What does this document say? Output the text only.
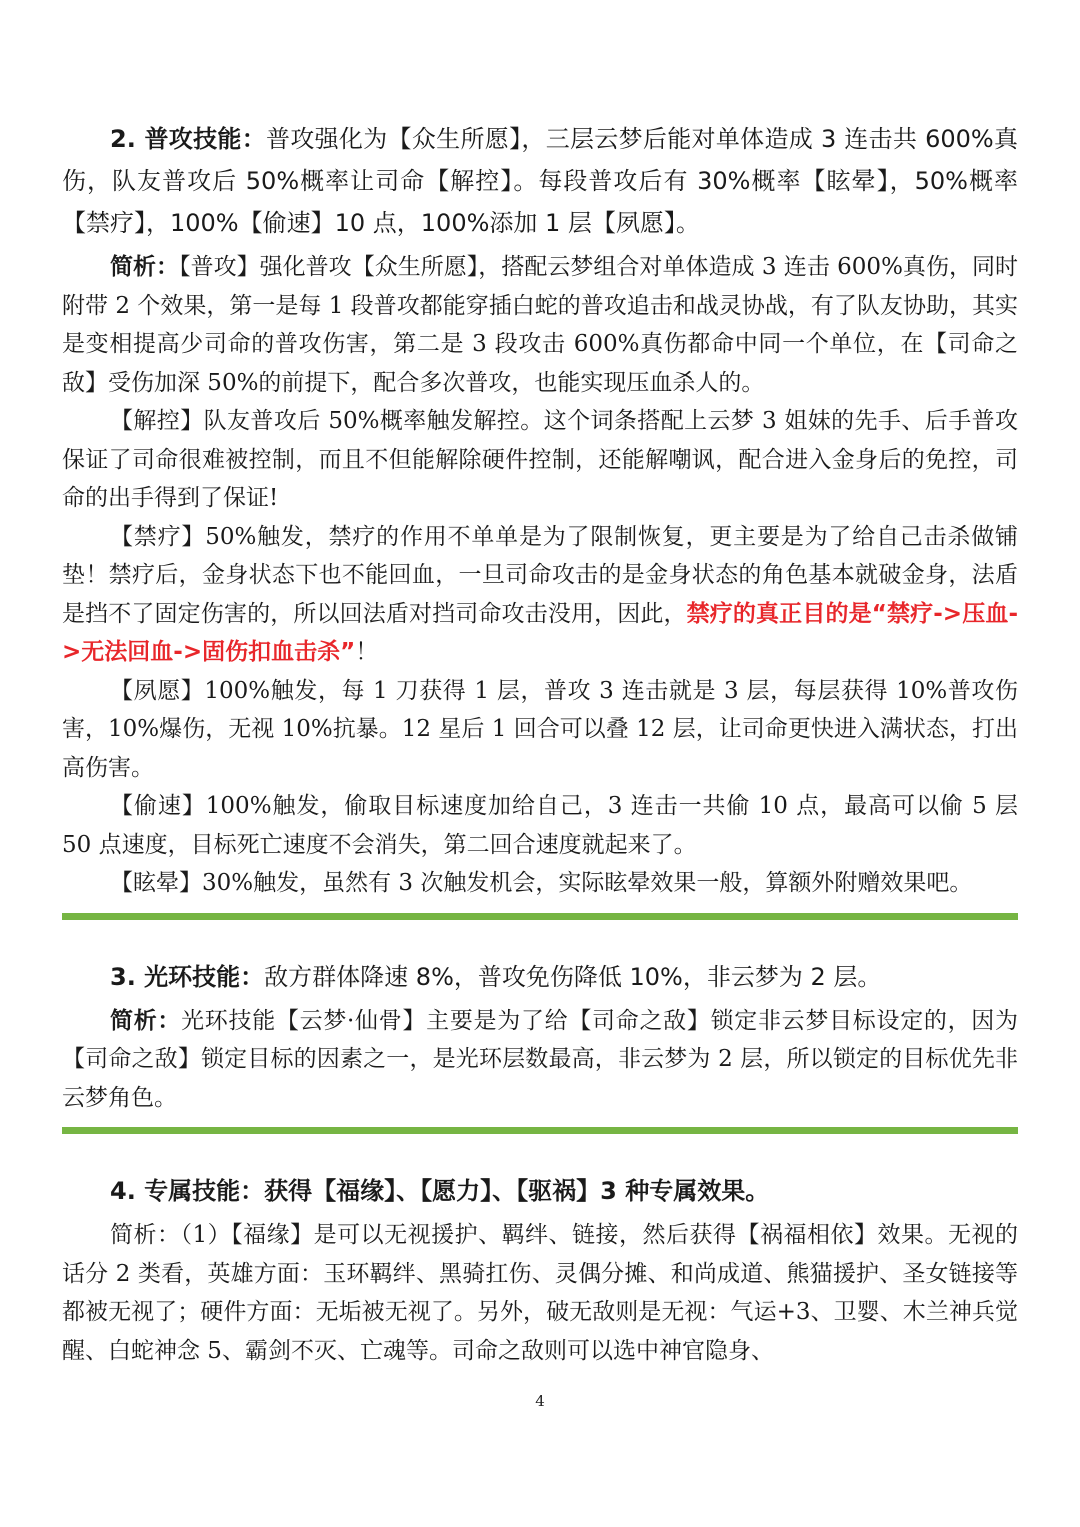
2. 普攻技能：普攻强化为【众生所愿】，三层云梦后能对单体造成 3 连击共 600%真伤，队友普攻后 50%概率让司命【解控】。每段普攻后有 30%概率【眩晕】，50%概率【禁疗】，100%【偷速】10 点，100%添加 1 层【夙愿】。

简析：【普攻】强化普攻【众生所愿】，搭配云梦组合对单体造成 3 连击 600%真伤，同时附带 2 个效果，第一是每 1 段普攻都能穿插白蛇的普攻追击和战灵协战，有了队友协助，其实是变相提高少司命的普攻伤害，第二是 3 段攻击 600%真伤都命中同一个单位，在【司命之敌】受伤加深 50%的前提下，配合多次普攻，也能实现压血杀人的。

【解控】队友普攻后 50%概率触发解控。这个词条搭配上云梦 3 姐妹的先手、后手普攻保证了司命很难被控制，而且不但能解除硬件控制，还能解嘲讽，配合进入金身后的免控，司命的出手得到了保证!

【禁疗】50%触发，禁疗的作用不单单是为了限制恢复，更主要是为了给自己击杀做铺垫！禁疗后，金身状态下也不能回血，一旦司命攻击的是金身状态的角色基本就破金身，法盾是挡不了固定伤害的，所以回法盾对挡司命攻击没用，因此，禁疗的真正目的是“禁疗->压血->无法回血->固伤扣血击杀”！

【夙愿】100%触发，每 1 刀获得 1 层，普攻 3 连击就是 3 层，每层获得 10%普攻伤害，10%爆伤，无视 10%抗暴。12 星后 1 回合可以叠 12 层，让司命更快进入满状态，打出高伤害。

【偷速】100%触发，偷取目标速度加给自己，3 连击一共偷 10 点，最高可以偷 5 层 50 点速度，目标死亡速度不会消失，第二回合速度就起来了。

【眩晕】30%触发，虽然有 3 次触发机会，实际眩晕效果一般，算额外附赠效果吧。

3. 光环技能：敌方群体降速 8%，普攻免伤降低 10%，非云梦为 2 层。

简析：光环技能【云梦·仙骨】主要是为了给【司命之敌】锁定非云梦目标设定的，因为【司命之敌】锁定目标的因素之一，是光环层数最高，非云梦为 2 层，所以锁定的目标优先非云梦角色。

4. 专属技能：获得【福缘】、【愿力】、【驱祸】3 种专属效果。

简析：（1）【福缘】是可以无视援护、羁绊、链接，然后获得【祸福相依】效果。无视的话分 2 类看，英雄方面：玉环羁绊、黑骑扛伤、灵偶分摊、和尚成道、熊猫援护、圣女链接等都被无视了；硬件方面：无垢被无视了。另外，破无敌则是无视：气运+3、卫婴、木兰神兵觉醒、白蛇神念 5、霸剑不灭、亡魂等。司命之敌则可以选中神官隐身、

4
